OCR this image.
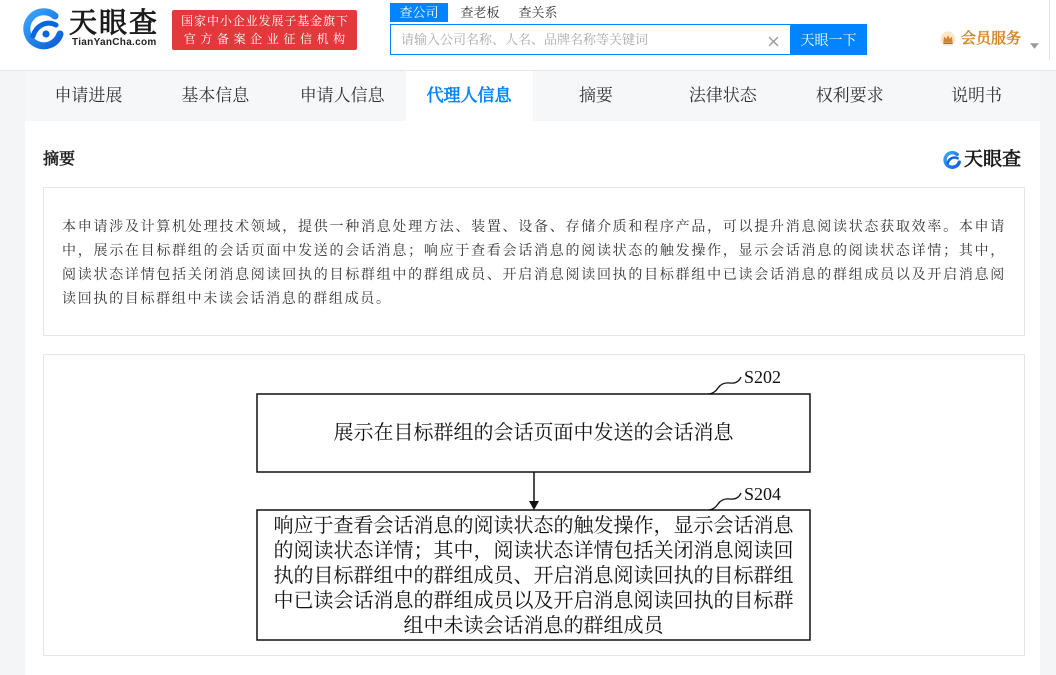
天眼查
TianYanCha.com
国家中小企业发展子基金旗下
官方备案企业征信机构
查公司	查老板	查关系
请输入公司名称、人名、品牌名称等关键词
天眼一下	会员服务
申请进展	基本信息	申请人信息	代理人信息	摘要	法律状态	权利要求	说明书
摘要	天眼查

本申请涉及计算机处理技术领域，提供一种消息处理方法、装置、设备、存储介质和程序产品，可以提升消息阅读状态获取效率。本申请中，展示在目标群组的会话页面中发送的会话消息；响应于查看会话消息的阅读状态的触发操作，显示会话消息的阅读状态详情；其中，阅读状态详情包括关闭消息阅读回执的目标群组中的群组成员、开启消息阅读回执的目标群组中已读会话消息的群组成员以及开启消息阅读回执的目标群组中未读会话消息的群组成员。

S202
展示在目标群组的会话页面中发送的会话消息
S204
响应于查看会话消息的阅读状态的触发操作，显示会话消息
的阅读状态详情；其中，阅读状态详情包括关闭消息阅读回
执的目标群组中的群组成员、开启消息阅读回执的目标群组
中已读会话消息的群组成员以及开启消息阅读回执的目标群
组中未读会话消息的群组成员
